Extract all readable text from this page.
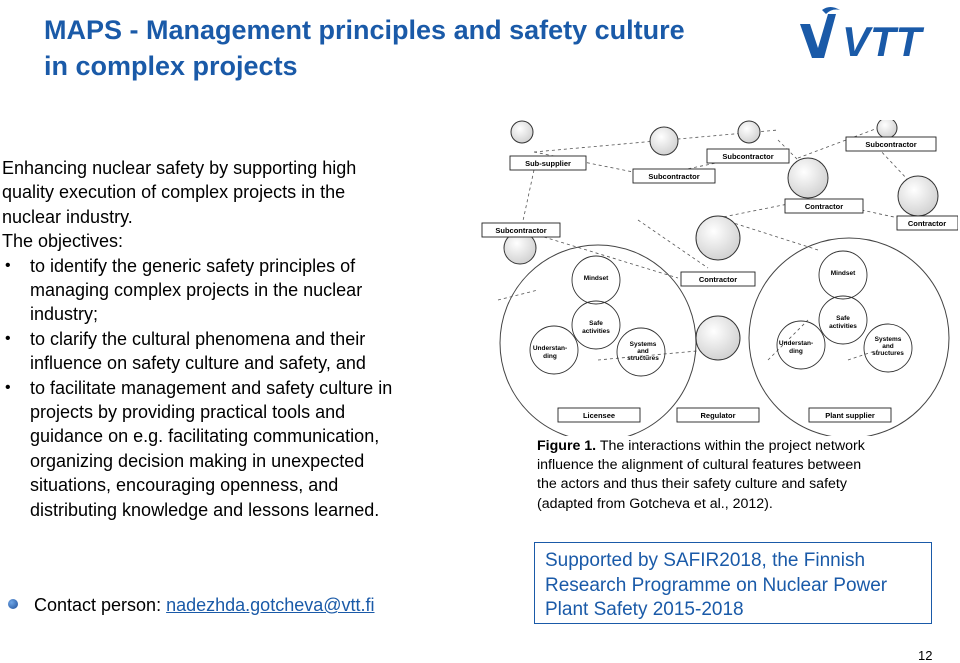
MAPS - Management principles and safety culture
in complex projects
VTT

Enhancing nuclear safety by supporting high

quality execution of complex projects in the

nuclear industry.

The objectives:

• to identify the generic safety principles of
managing complex projects in the nuclear
industry;
• to clarify the cultural phenomena and their
influence on safety culture and safety, and
• to facilitate management and safety culture in
projects by providing practical tools and
guidance on e.g. facilitating communication,
organizing decision making in unexpected
situations, encouraging openness, and
distributing knowledge and lessons learned.
Contact person: nadezhda.gotcheva@vtt.fi
Sub-supplier
Subcontractor
Subcontractor
Subcontractor
Subcontractor
Contractor
Contractor
Contractor
Licensee	Regulator	Plant supplier
Mindset
Safe
activities
Understan-
ding
Systems
and
structures
Mindset
Safe
activities
Understan-
ding
Systems
and
structures
Figure 1. The interactions within the project network
influence the alignment of cultural features between
the actors and thus their safety culture and safety
(adapted from Gotcheva et al., 2012).
Supported by SAFIR2018, the Finnish
Research Programme on Nuclear Power
Plant Safety 2015-2018
12
